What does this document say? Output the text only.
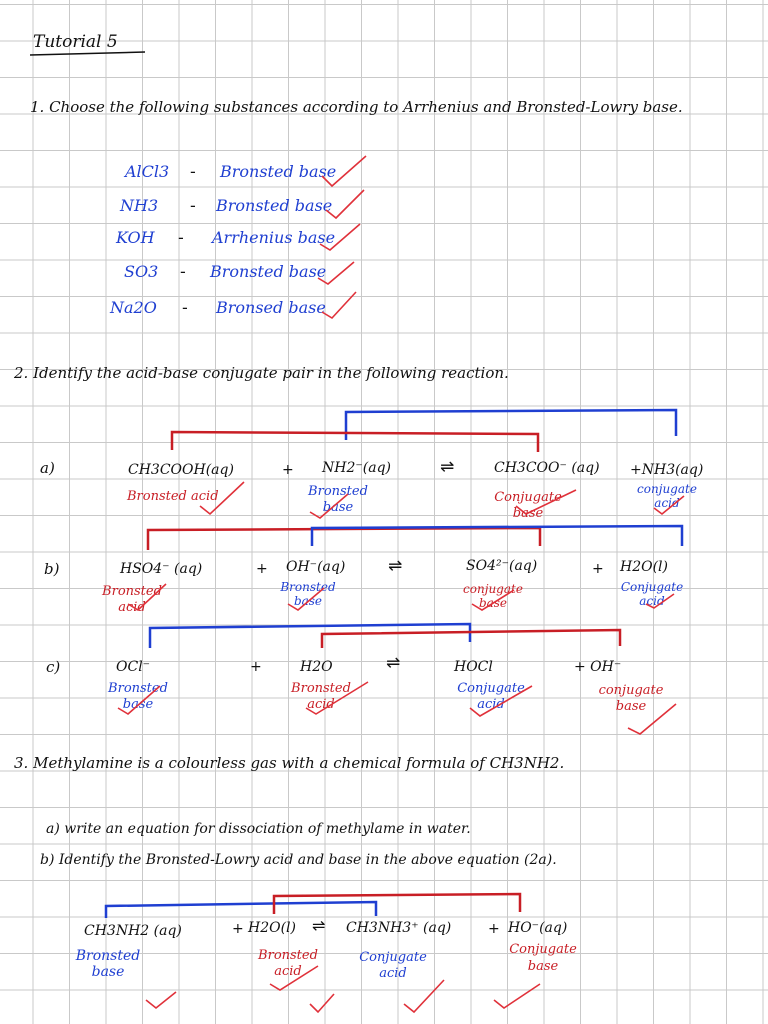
Tutorial 5
1. Choose the following substances according to Arrhenius and Bronsted-Lowry base.
AlCl3 - Bronsted base
NH3 - Bronsted base
KOH - Arrhenius base
SO3 - Bronsted base
Na2O - Bronsed base
2. Identify the acid-base conjugate pair in the following reaction.
a)	CH3COOH(aq)	+ NH2⁻(aq)	⇌	CH3COO⁻ (aq) +NH3(aq)
Bronsted acid	Bronsted base
Conjugate base
conjugate acid
b)	HSO4⁻ (aq)	+ OH⁻(aq)	⇌	SO4²⁻(aq)	+ H2O(l)
Bronsted acid
Bronsted base
conjugate base
Conjugate acid
c)	OCl⁻	+	H2O	⇌	HOCl	+ OH⁻
Bronsted base
Bronsted acid
Conjugate acid
conjugate base
3. Methylamine is a colourless gas with a chemical formula of CH3NH2.
a) write an equation for dissociation of methylame in water.
b) Identify the Bronsted-Lowry acid and base in the above equation (2a).
CH3NH2 (aq)	+ H2O(l) ⇌ CH3NH3⁺ (aq)	+ HO⁻(aq)
Bronsted base
Bronsted acid
Conjugate acid
Conjugate base
